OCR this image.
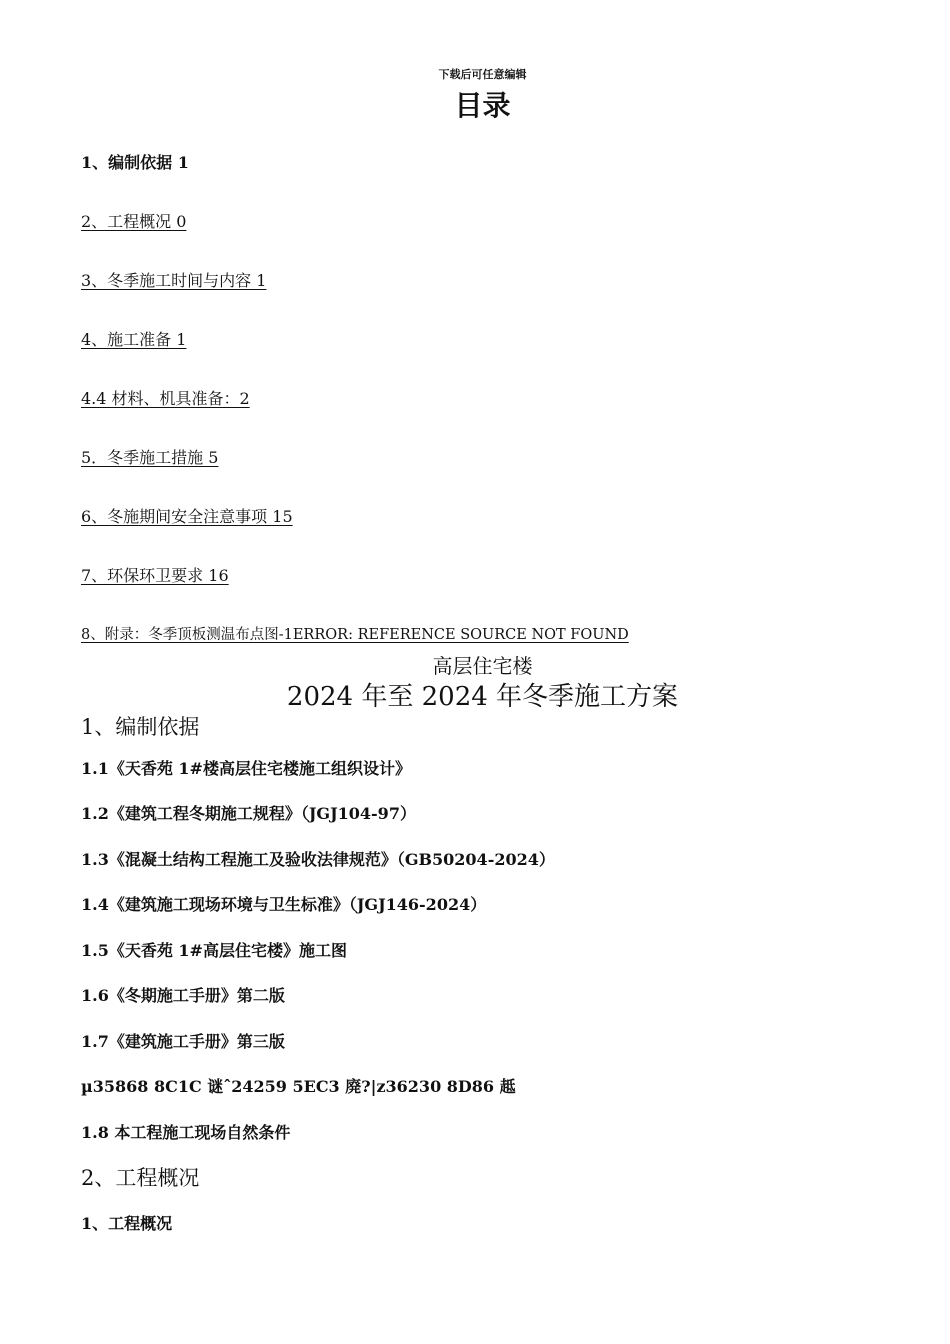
下载后可任意编辑
目录
1、编制依据 1
2、工程概况 0
3、冬季施工时间与内容 1
4、施工准备 1
4.4 材料、机具准备：2
5．冬季施工措施 5
6、冬施期间安全注意事项 15
7、环保环卫要求 16
8、附录：冬季顶板测温布点图-1ERROR: REFERENCE SOURCE NOT FOUND
高层住宅楼
2024 年至 2024 年冬季施工方案
1、编制依据
1.1《天香苑 1#楼高层住宅楼施工组织设计》
1.2《建筑工程冬期施工规程》（JGJ104-97）
1.3《混凝土结构工程施工及验收法律规范》（GB50204-2024）
1.4《建筑施工现场环境与卫生标准》（JGJ146-2024）
1.5《天香苑 1#高层住宅楼》施工图
1.6《冬期施工手册》第二版
1.7《建筑施工手册》第三版
µ35868 8C1C 谜ˆ24259 5EC3 廃?|z36230 8D86 趆
1.8 本工程施工现场自然条件
2、工程概况
1、工程概况
